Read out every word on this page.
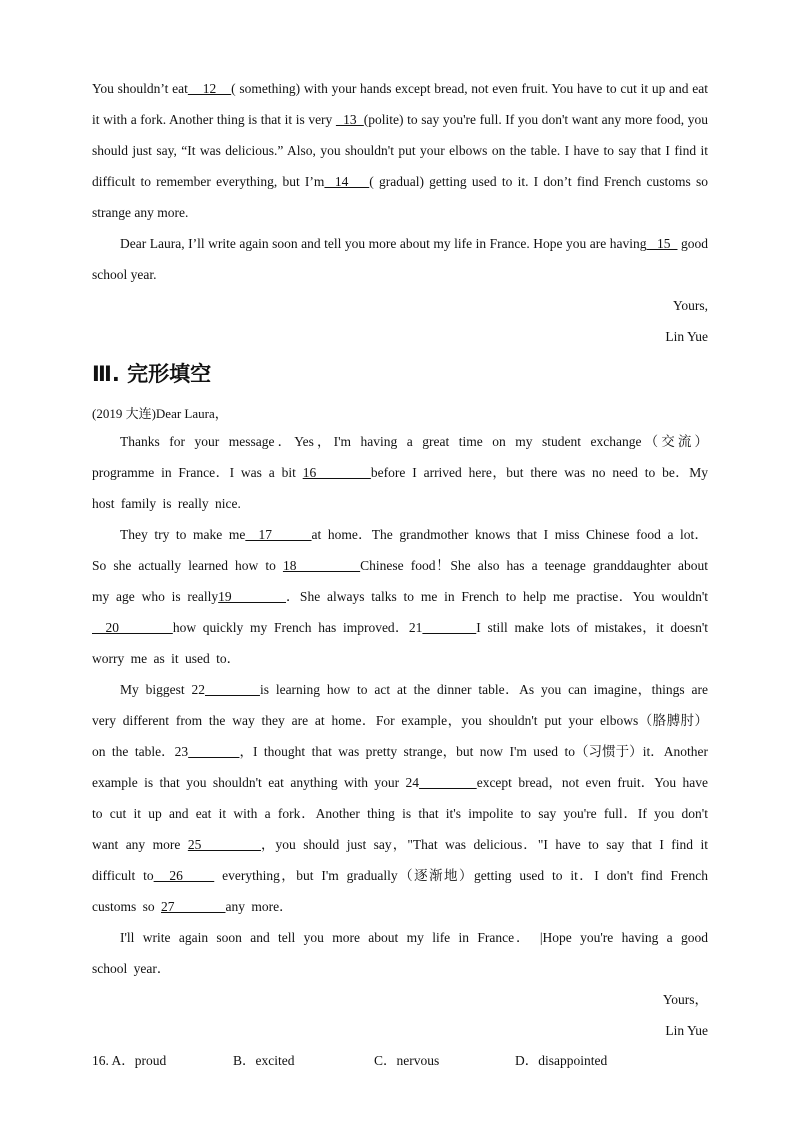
You shouldn’t eat    12    ( something) with your hands except bread, not even fruit. You have to cut it up and eat it with a fork. Another thing is that it is very   13  (polite) to say you're full. If you don't want any more food, you should just say, “It was delicious.” Also, you shouldn't put your elbows on the table. I have to say that I find it difficult to remember everything, but I’m  14    ( gradual) getting used to it. I don’t find French customs so strange any more.

Dear Laura, I’ll write again soon and tell you more about my life in France. Hope you are having   15   good school year.

Yours,

Lin Yue

Ⅲ. 完形填空

(2019 大连)Dear Laura，

Thanks for your message．Yes，I'm having a great time on my student exchange（交流）programme in France．I was a bit 16        before I arrived here，but there was no need to be．My host family is really nice.

They try to make me  17      at home．The grandmother knows that I miss Chinese food a lot．So she actually learned how to 18         Chinese food！She also has a teenage granddaughter about my age who is really19        ．She always talks to me in French to help me practise．You wouldn't  20        how quickly my French has improved．21	I still make lots of mistakes，it doesn't worry me as it used to．

My biggest 22	is learning how to act at the dinner table．As you can imagine，things are very different from the way they are at home．For example，you shouldn't put your elbows（胳膊肘）on the table．23	，I thought that was pretty strange，but now I'm used to（习惯于）it．Another example is that you shouldn't eat anything with your 24	except bread，not even fruit．You have to cut it up and eat it with a fork．Another thing is that it's impolite to say you're full．If you don't want any more 25        ，you should just say，"That was delicious．"I have to say that I find it difficult to  26     everything，but I'm gradually（逐渐地）getting used to it．I don't find French customs so 27        any more．

I'll write again soon and tell you more about my life in France． |Hope you're having a good school year．

Yours，

Lin Yue

16. A．proud	B．excited	C．nervous	D．disappointed
